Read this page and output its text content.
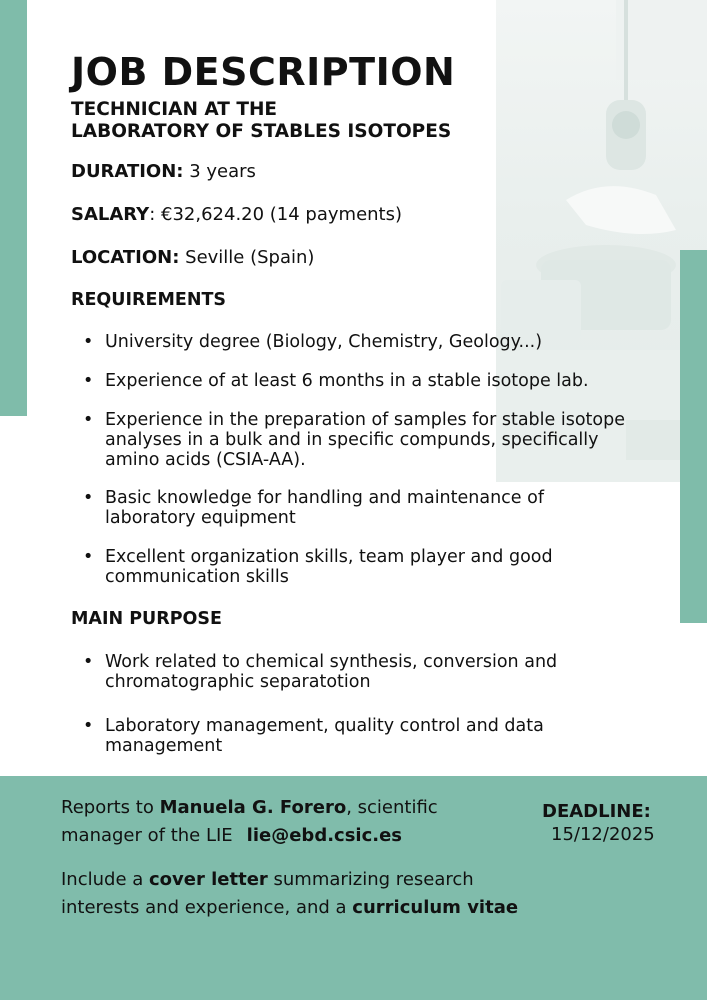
JOB DESCRIPTION
TECHNICIAN AT THE
LABORATORY OF STABLES ISOTOPES
DURATION: 3 years
SALARY: €32,624.20 (14 payments)
LOCATION: Seville (Spain)
REQUIREMENTS
• University degree (Biology, Chemistry, Geology...)
• Experience of at least 6 months in a stable isotope lab.
• Experience in the preparation of samples for stable isotope analyses in a bulk and in specific compunds, specifically amino acids (CSIA-AA).
• Basic knowledge for handling and maintenance of laboratory equipment
• Excellent organization skills, team player and good communication skills
MAIN PURPOSE
• Work related to chemical synthesis, conversion and chromatographic separatotion
• Laboratory management, quality control and data management
Reports to Manuela G. Forero, scientific
manager of the LIE lie@ebd.csic.es
DEADLINE:
15/12/2025
Include a cover letter summarizing research
interests and experience, and a curriculum vitae
